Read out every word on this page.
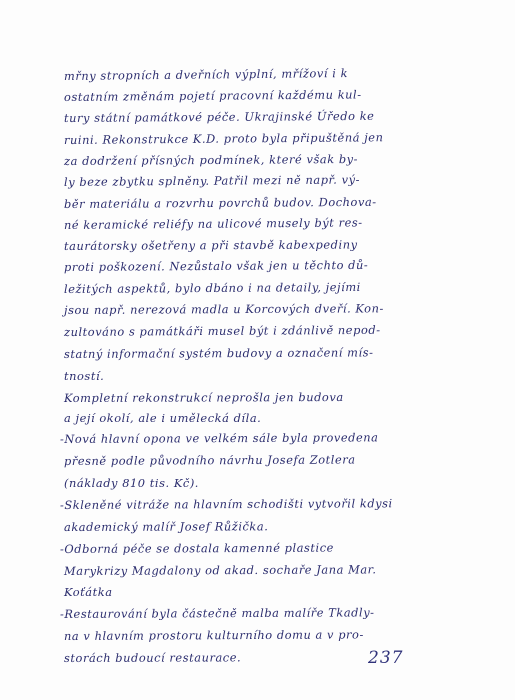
mřny stropních a dveřních výplní, mřížoví i k
ostatním změnám pojetí pracovní každému kul-
tury státní památkové péče. Ukrajinské Úředo ke
ruini. Rekonstrukce K.D. proto byla připuštěná jen
za dodržení přísných podmínek, které však by-
ly beze zbytku splněny. Patřil mezi ně např. vý-
běr materiálu a rozvrhu povrchů budov. Dochova-
né keramické reliéfy na ulicové musely být res-
taurátorsky ošetřeny a při stavbě kabexpediny
proti poškození. Nezůstalo však jen u těchto dů-
ležitých aspektů, bylo dbáno i na detaily, jejími
jsou např. nerezová madla u Korcových dveří. Kon-
zultováno s památkáři musel být i zdánlivě nepod-
statný informační systém budovy a označení mís-
tností.
Kompletní rekonstrukcí neprošla jen budova
a její okolí, ale i umělecká díla.
-Nová hlavní opona ve velkém sále byla provedena
přesně podle původního návrhu Josefa Zotlera
(náklady 810 tis. Kč).
-Skleněné vitráže na hlavním schodišti vytvořil kdysi
akademický malíř Josef Růžička.
-Odborná péče se dostala kamenné plastice
Marykrizy Magdalony od akad. sochaře Jana Mar.
Koťátka
-Restaurování byla částečně malba malíře Tkadly-
na v hlavním prostoru kulturního domu a v pro-
storách budoucí restaurace.	237
